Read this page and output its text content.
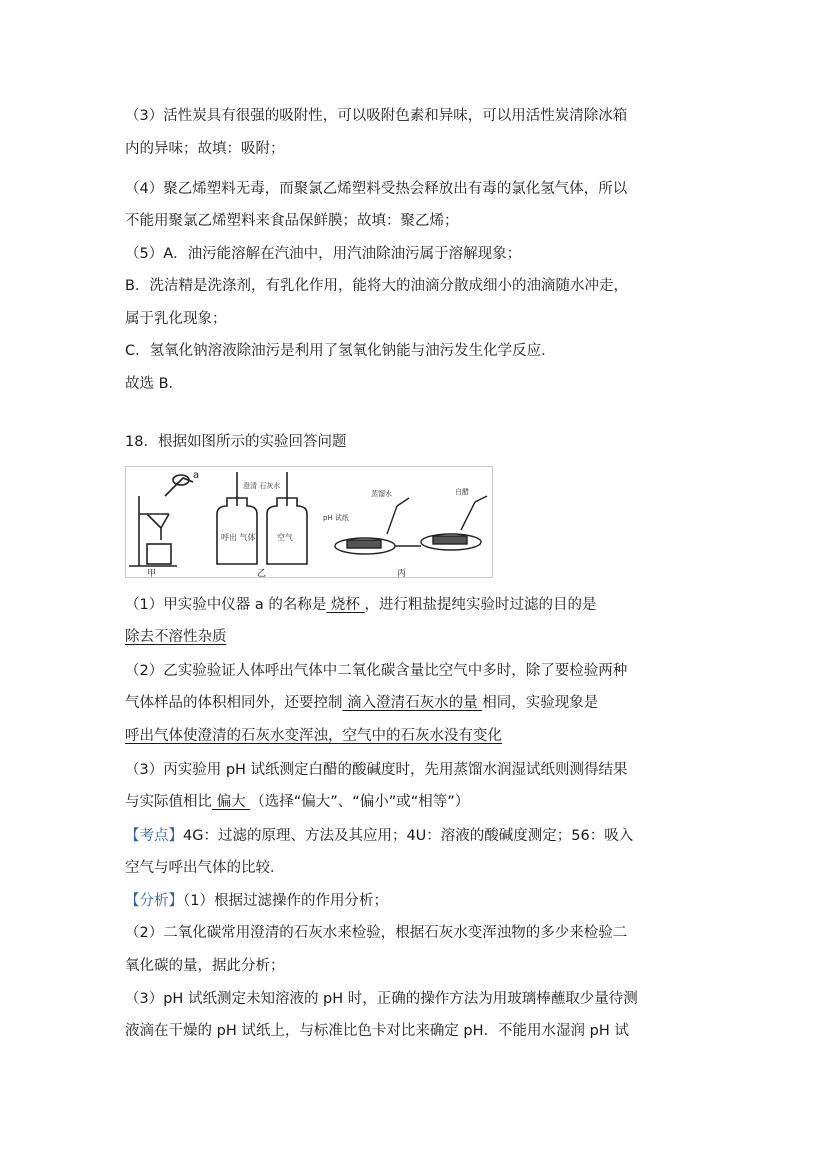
（3）活性炭具有很强的吸附性，可以吸附色素和异味，可以用活性炭清除冰箱
内的异味；故填：吸附；
（4）聚乙烯塑料无毒，而聚氯乙烯塑料受热会释放出有毒的氯化氢气体，所以
不能用聚氯乙烯塑料来食品保鲜膜；故填：聚乙烯；
（5）A．油污能溶解在汽油中，用汽油除油污属于溶解现象；
B．洗洁精是洗涤剂，有乳化作用，能将大的油滴分散成细小的油滴随水冲走，
属于乳化现象；
C．氢氧化钠溶液除油污是利用了氢氧化钠能与油污发生化学反应．
故选 B．
18．根据如图所示的实验回答问题
a
甲
呼出 气体	空气
澄清 石灰水
乙
蒸馏水
pH 试纸
白醋
丙
（1）甲实验中仪器 a 的名称是 烧杯 ，进行粗盐提纯实验时过滤的目的是
除去不溶性杂质
（2）乙实验验证人体呼出气体中二氧化碳含量比空气中多时，除了要检验两种
气体样品的体积相同外，还要控制 滴入澄清石灰水的量 相同，实验现象是
呼出气体使澄清的石灰水变浑浊，空气中的石灰水没有变化
（3）丙实验用 pH 试纸测定白醋的酸碱度时，先用蒸馏水润湿试纸则测得结果
与实际值相比 偏大 （选择“偏大”、“偏小”或“相等”）
【考点】4G：过滤的原理、方法及其应用；4U：溶液的酸碱度测定；56：吸入
空气与呼出气体的比较．
【分析】（1）根据过滤操作的作用分析；
（2）二氧化碳常用澄清的石灰水来检验，根据石灰水变浑浊物的多少来检验二
氧化碳的量，据此分析；
（3）pH 试纸测定未知溶液的 pH 时，正确的操作方法为用玻璃棒蘸取少量待测
液滴在干燥的 pH 试纸上，与标准比色卡对比来确定 pH．不能用水湿润 pH 试
